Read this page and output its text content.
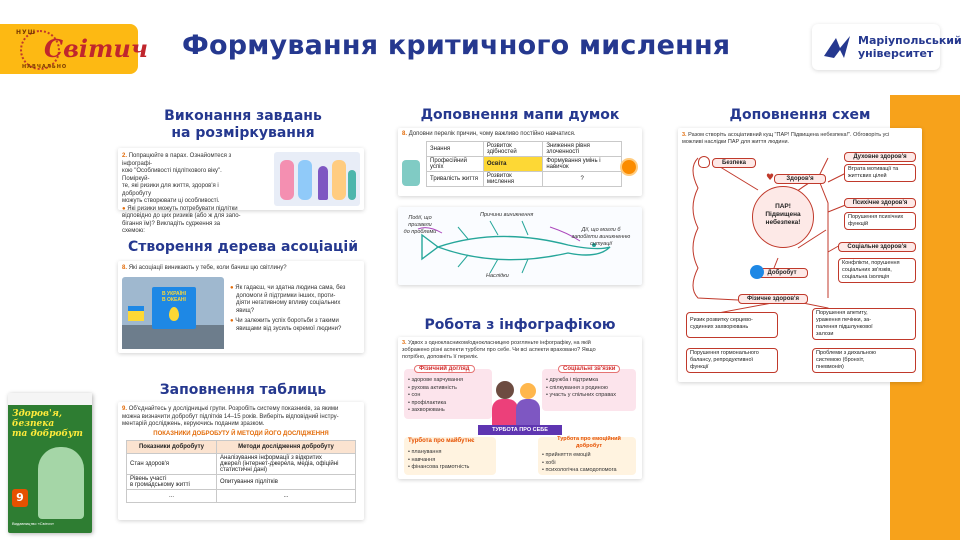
НУШ
НАВЧАЛЬНО
Світич Формування критичного мислення	Маріупольський
університет
Виконання завдань
на розміркування
2. Попрацюйте в парах. Ознайомтеся з інфографі-
кою "Особливості підліткового віку". Поміркуй-
те, які ризики для життя, здоров'я і добробуту
можуть створювати ці особливості.
● Які ризики можуть потребувати підлітки
відповідно до цих ризиків (або ж для запо-
бігання їм)? Викладіть судження за схемою:
Створення дерева асоціацій
8. Які асоціації виникають у тебе, коли бачиш цю світлину?
В УКРАЇНІ
В ОКЕАНІ
● Як гадаєш, чи здатна людина сама, без
допомоги й підтримки інших, проти-
діяти негативному впливу соціальних
явищ?
● Чи залежить успіх боротьби з такими
явищами від зусиль окремої людини?
Заповнення таблиць
9. Об'єднайтесь у дослідницькі групи. Розробіть систему показників, за якими
можна визначити добробут підлітків 14–15 років. Виберіть відповідний інстру-
ментарій досліджень, керуючись поданим зразком.
ПОКАЗНИКИ ДОБРОБУТУ Й МЕТОДИ ЙОГО ДОСЛІДЖЕННЯ
Показники добробуту	Методи дослідження добробуту
Стан здоров'я	Аналізування інформації з відкритих
джерел (інтернет-джерела, медіа, офіційні
статистичні дані)

Рівень участі
в громадському житті	Опитування підлітків
...	...
Здоров'я,
безпека
та добробут
9
Видавництво «Світич»
Доповнення мапи думок
8. Доповни перелік причин, чому важливо постійно навчатися.
Знання	Розвиток здібностей	Зниження рівня злоченності
Професійний успіх	Освіта	Формування умінь і навичок
Тривалість життя	Розвиток мислення	?
Події, що
призвели
до проблеми
Причини виникнення
Наслідки
Дії, що могли б
запобігти виникненню
ситуації
Робота з інфографікою
3. Удвох з однокласником/однокласницею розгляньте інфографіку, на якій
зображено різні аспекти турботи про себе. Чи всі аспекти враховано? Якщо
потрібно, доповніть її перелік.
• здорове харчування
• рухова активність
• сон
• профілактика
• захворювань
Фізичний догляд
• дружба і підтримка
• спілкування з родиною
• участь у спільних справах
Соціальні зв'язки
ТУРБОТА ПРО СЕБЕ
• планування
• навчання
• фінансова грамотність
Турбота про майбутнє
• прийняття емоцій
• хобі
• психологічна самодопомога
Турбота про емоційний
добробут
Доповнення схем
3. Разом створіть асоціативний кущ "ПАР! Підвищена небезпека!". Обговоріть усі
можливі наслідки ПАР для життя людини.
Безпека
ПАР!
Підвищена
небезпека!
Здоров'я
♥
Добробут
Духовне здоров'я
Втрата мотивації та
життєвих цілей
Психічне здоров'я
Порушення психічних
функцій
Соціальне здоров'я
Конфлікти, порушення
соціальних зв'язків,
соціальна ізоляція
Фізичне здоров'я
Ризик розвитку серцево-
судинних захворювань
Порушення апетиту,
ураження печінки, за-
палення підшлункової
залози
Порушення гормонального
балансу, репродуктивної
функції
Проблеми з дихальною
системою (бронхіт,
пневмонія)
